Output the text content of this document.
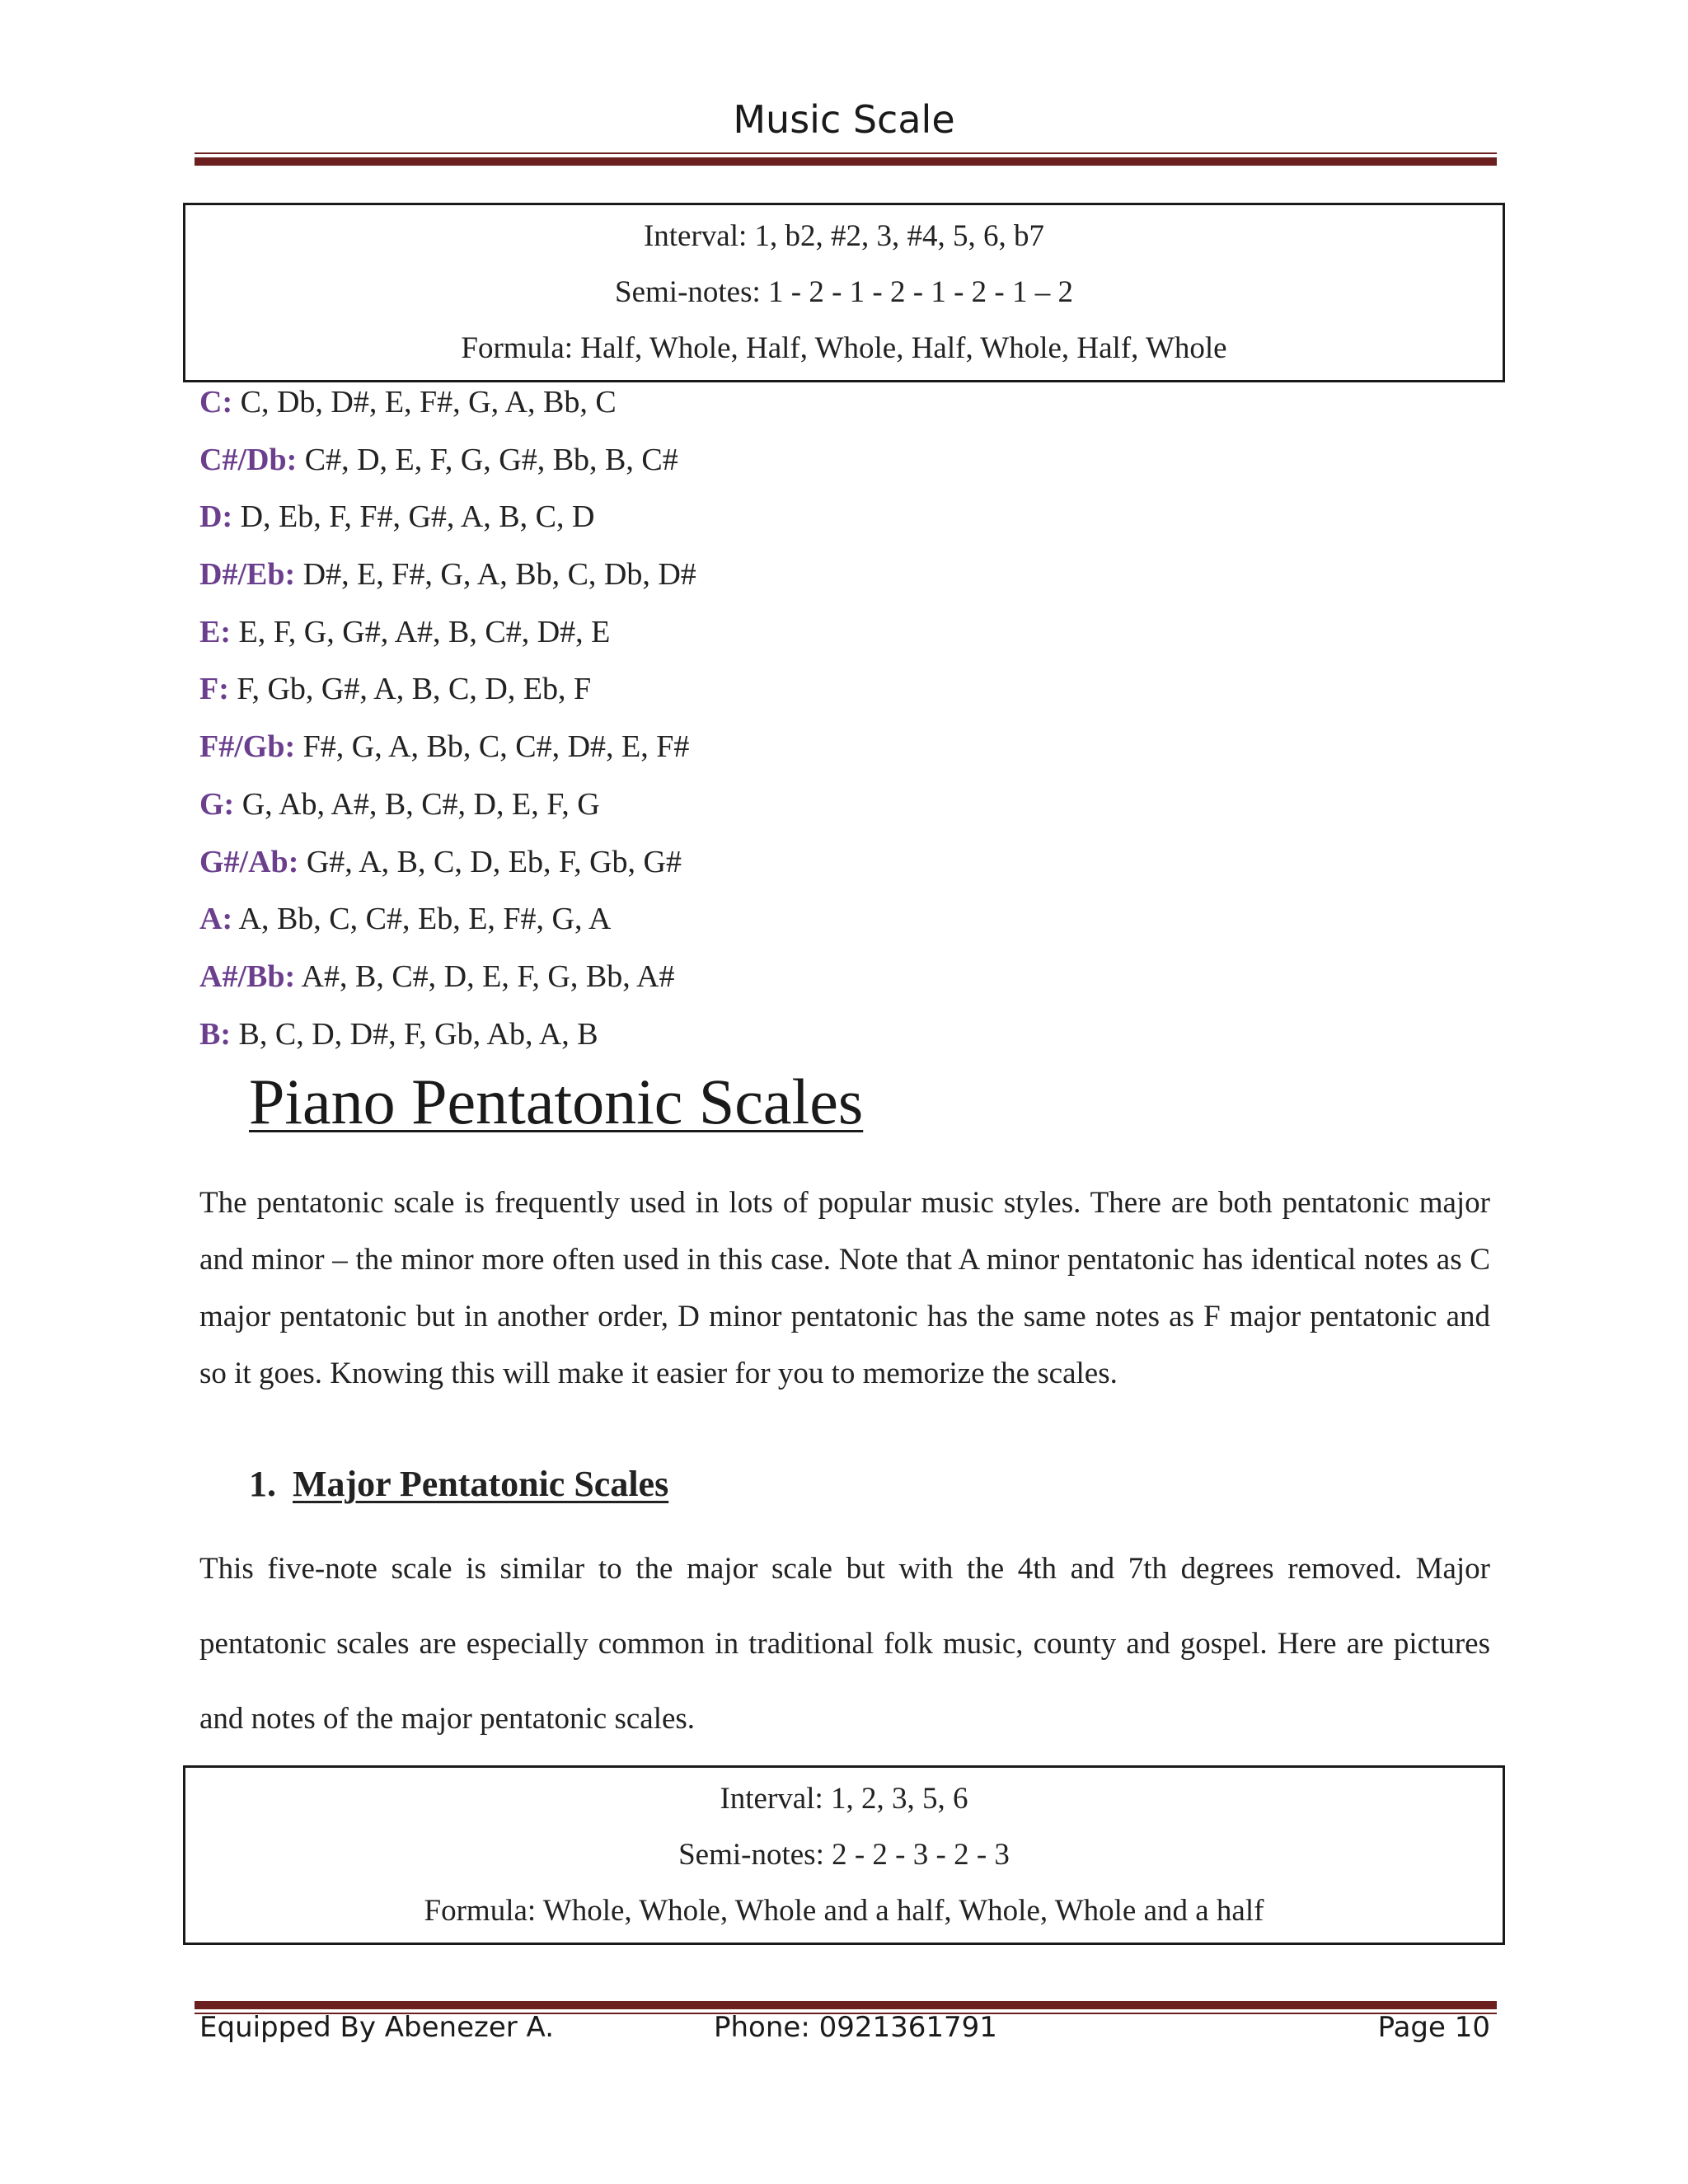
Music Scale
Interval: 1, b2, #2, 3, #4, 5, 6, b7
Semi-notes: 1 - 2 - 1 - 2 - 1 - 2 - 1 – 2
Formula: Half, Whole, Half, Whole, Half, Whole, Half, Whole
C: C, Db, D#, E, F#, G, A, Bb, C
C#/Db: C#, D, E, F, G, G#, Bb, B, C#
D: D, Eb, F, F#, G#, A, B, C, D
D#/Eb: D#, E, F#, G, A, Bb, C, Db, D#
E: E, F, G, G#, A#, B, C#, D#, E
F: F, Gb, G#, A, B, C, D, Eb, F
F#/Gb: F#, G, A, Bb, C, C#, D#, E, F#
G: G, Ab, A#, B, C#, D, E, F, G
G#/Ab: G#, A, B, C, D, Eb, F, Gb, G#
A: A, Bb, C, C#, Eb, E, F#, G, A
A#/Bb: A#, B, C#, D, E, F, G, Bb, A#
B: B, C, D, D#, F, Gb, Ab, A, B
Piano Pentatonic Scales
The pentatonic scale is frequently used in lots of popular music styles. There are both pentatonic major and minor – the minor more often used in this case. Note that A minor pentatonic has identical notes as C major pentatonic but in another order, D minor pentatonic has the same notes as F major pentatonic and so it goes. Knowing this will make it easier for you to memorize the scales.
1. Major Pentatonic Scales
This five-note scale is similar to the major scale but with the 4th and 7th degrees removed. Major pentatonic scales are especially common in traditional folk music, county and gospel. Here are pictures and notes of the major pentatonic scales.
Interval: 1, 2, 3, 5, 6
Semi-notes: 2 - 2 - 3 - 2 - 3
Formula: Whole, Whole, Whole and a half, Whole, Whole and a half
Equipped By Abenezer A.	Phone: 0921361791	Page 10
